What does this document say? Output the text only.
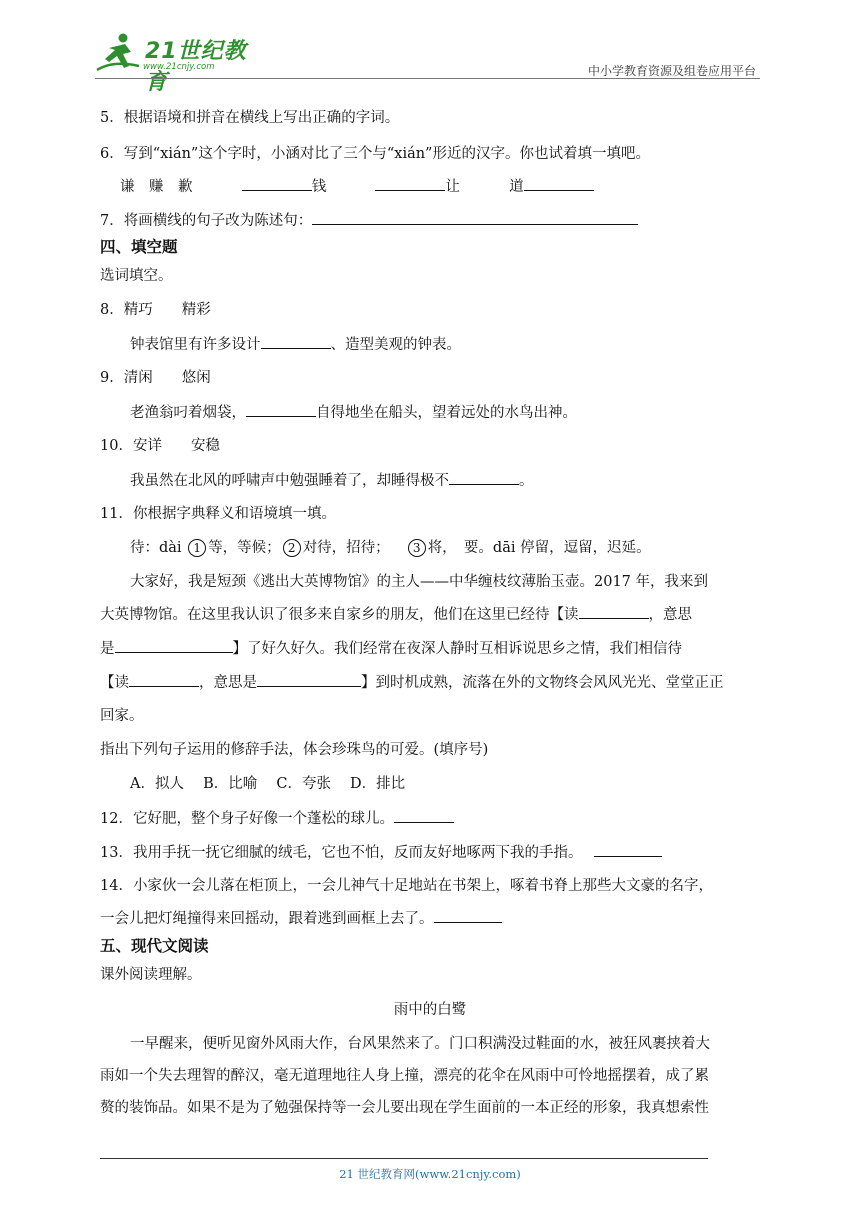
21世纪教育
www.21cnjy.com	中小学教育资源及组卷应用平台
5．根据语境和拼音在横线上写出正确的字词。
6．写到“xián”这个字时，小涵对比了三个与“xián”形近的汉字。你也试着填一填吧。
谦　赚　歉	钱	让	道
7．将画横线的句子改为陈述句：
四、填空题
选词填空。
8．精巧　　精彩
钟表馆里有许多设计	、造型美观的钟表。
9．清闲　　悠闲
老渔翁叼着烟袋，	自得地坐在船头，望着远处的水鸟出神。
10．安详　　安稳
我虽然在北风的呼啸声中勉强睡着了，却睡得极不	。
11．你根据字典释义和语境填一填。
待：dài 1 等，等候； 2 对待，招待； 3 将，　要。dāi 停留，逗留，迟延。
大家好，我是短颈《逃出大英博物馆》的主人——中华缠枝纹薄胎玉壶。2017 年，我来到
大英博物馆。在这里我认识了很多来自家乡的朋友，他们在这里已经待【读	，意思
是	】了好久好久。我们经常在夜深人静时互相诉说思乡之情，我们相信待
【读	，意思是	】到时机成熟，流落在外的文物终会风风光光、堂堂正正
回家。
指出下列句子运用的修辞手法，体会珍珠鸟的可爱。(填序号)
A．拟人　 B．比喻　 C．夸张　 D．排比
12．它好肥，整个身子好像一个蓬松的球儿。
13．我用手抚一抚它细腻的绒毛，它也不怕，反而友好地啄两下我的手指。
14．小家伙一会儿落在柜顶上，一会儿神气十足地站在书架上，啄着书脊上那些大文豪的名字，
一会儿把灯绳撞得来回摇动，跟着逃到画框上去了。
五、现代文阅读
课外阅读理解。
雨中的白鹭
一早醒来，便听见窗外风雨大作，台风果然来了。门口积满没过鞋面的水，被狂风裹挟着大
雨如一个失去理智的醉汉，毫无道理地往人身上撞，漂亮的花伞在风雨中可怜地摇摆着，成了累
赘的装饰品。如果不是为了勉强保持等一会儿要出现在学生面前的一本正经的形象，我真想索性
21 世纪教育网(www.21cnjy.com)
